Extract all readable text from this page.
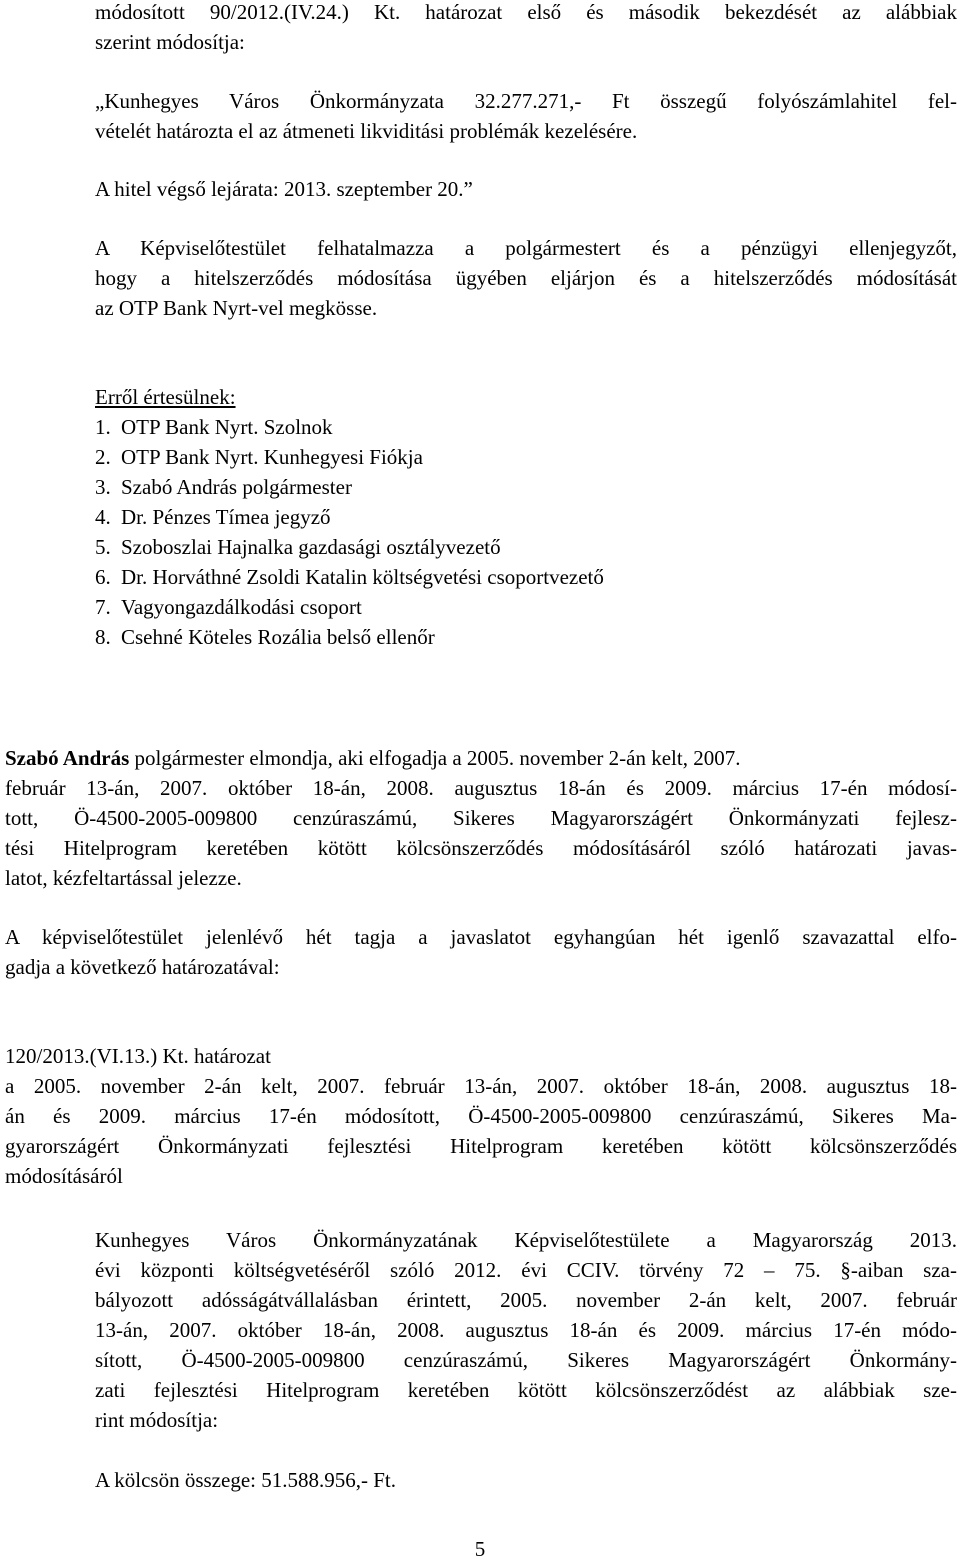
módosított 90/2012.(IV.24.) Kt. határozat első és második bekezdését az alábbiak
szerint módosítja:
„Kunhegyes Város Önkormányzata 32.277.271,- Ft összegű folyószámlahitel fel-
vételét határozta el az átmeneti likviditási problémák kezelésére.
A hitel végső lejárata: 2013. szeptember 20.”
A Képviselőtestület felhatalmazza a polgármestert és a pénzügyi ellenjegyzőt,
hogy a hitelszerződés módosítása ügyében eljárjon és a hitelszerződés módosítását
az OTP Bank Nyrt-vel megkösse.
Erről értesülnek:
1. OTP Bank Nyrt. Szolnok
2. OTP Bank Nyrt. Kunhegyesi Fiókja
3. Szabó András polgármester
4. Dr. Pénzes Tímea jegyző
5. Szoboszlai Hajnalka gazdasági osztályvezető
6. Dr. Horváthné Zsoldi Katalin költségvetési csoportvezető
7. Vagyongazdálkodási csoport
8. Csehné Köteles Rozália belső ellenőr
Szabó András polgármester elmondja, aki elfogadja a 2005. november 2-án kelt, 2007.
február 13-án, 2007. október 18-án, 2008. augusztus 18-án és 2009. március 17-én módosí-
tott, Ö-4500-2005-009800 cenzúraszámú, Sikeres Magyarországért Önkormányzati fejlesz-
tési Hitelprogram keretében kötött kölcsönszerződés módosításáról szóló határozati javas-
latot, kézfeltartással jelezze.
A képviselőtestület jelenlévő hét tagja a javaslatot egyhangúan hét igenlő szavazattal elfo-
gadja a következő határozatával:
120/2013.(VI.13.) Kt. határozat
a 2005. november 2-án kelt, 2007. február 13-án, 2007. október 18-án, 2008. augusztus 18-
án és 2009. március 17-én módosított, Ö-4500-2005-009800 cenzúraszámú, Sikeres Ma-
gyarországért Önkormányzati fejlesztési Hitelprogram keretében kötött kölcsönszerződés
módosításáról
Kunhegyes Város Önkormányzatának Képviselőtestülete a Magyarország 2013.
évi központi költségvetéséről szóló 2012. évi CCIV. törvény 72 – 75. §-aiban sza-
bályozott adósságátvállalásban érintett, 2005. november 2-án kelt, 2007. február
13-án, 2007. október 18-án, 2008. augusztus 18-án és 2009. március 17-én módo-
sított, Ö-4500-2005-009800 cenzúraszámú, Sikeres Magyarországért Önkormány-
zati fejlesztési Hitelprogram keretében kötött kölcsönszerződést az alábbiak sze-
rint módosítja:
A kölcsön összege: 51.588.956,- Ft.
5
